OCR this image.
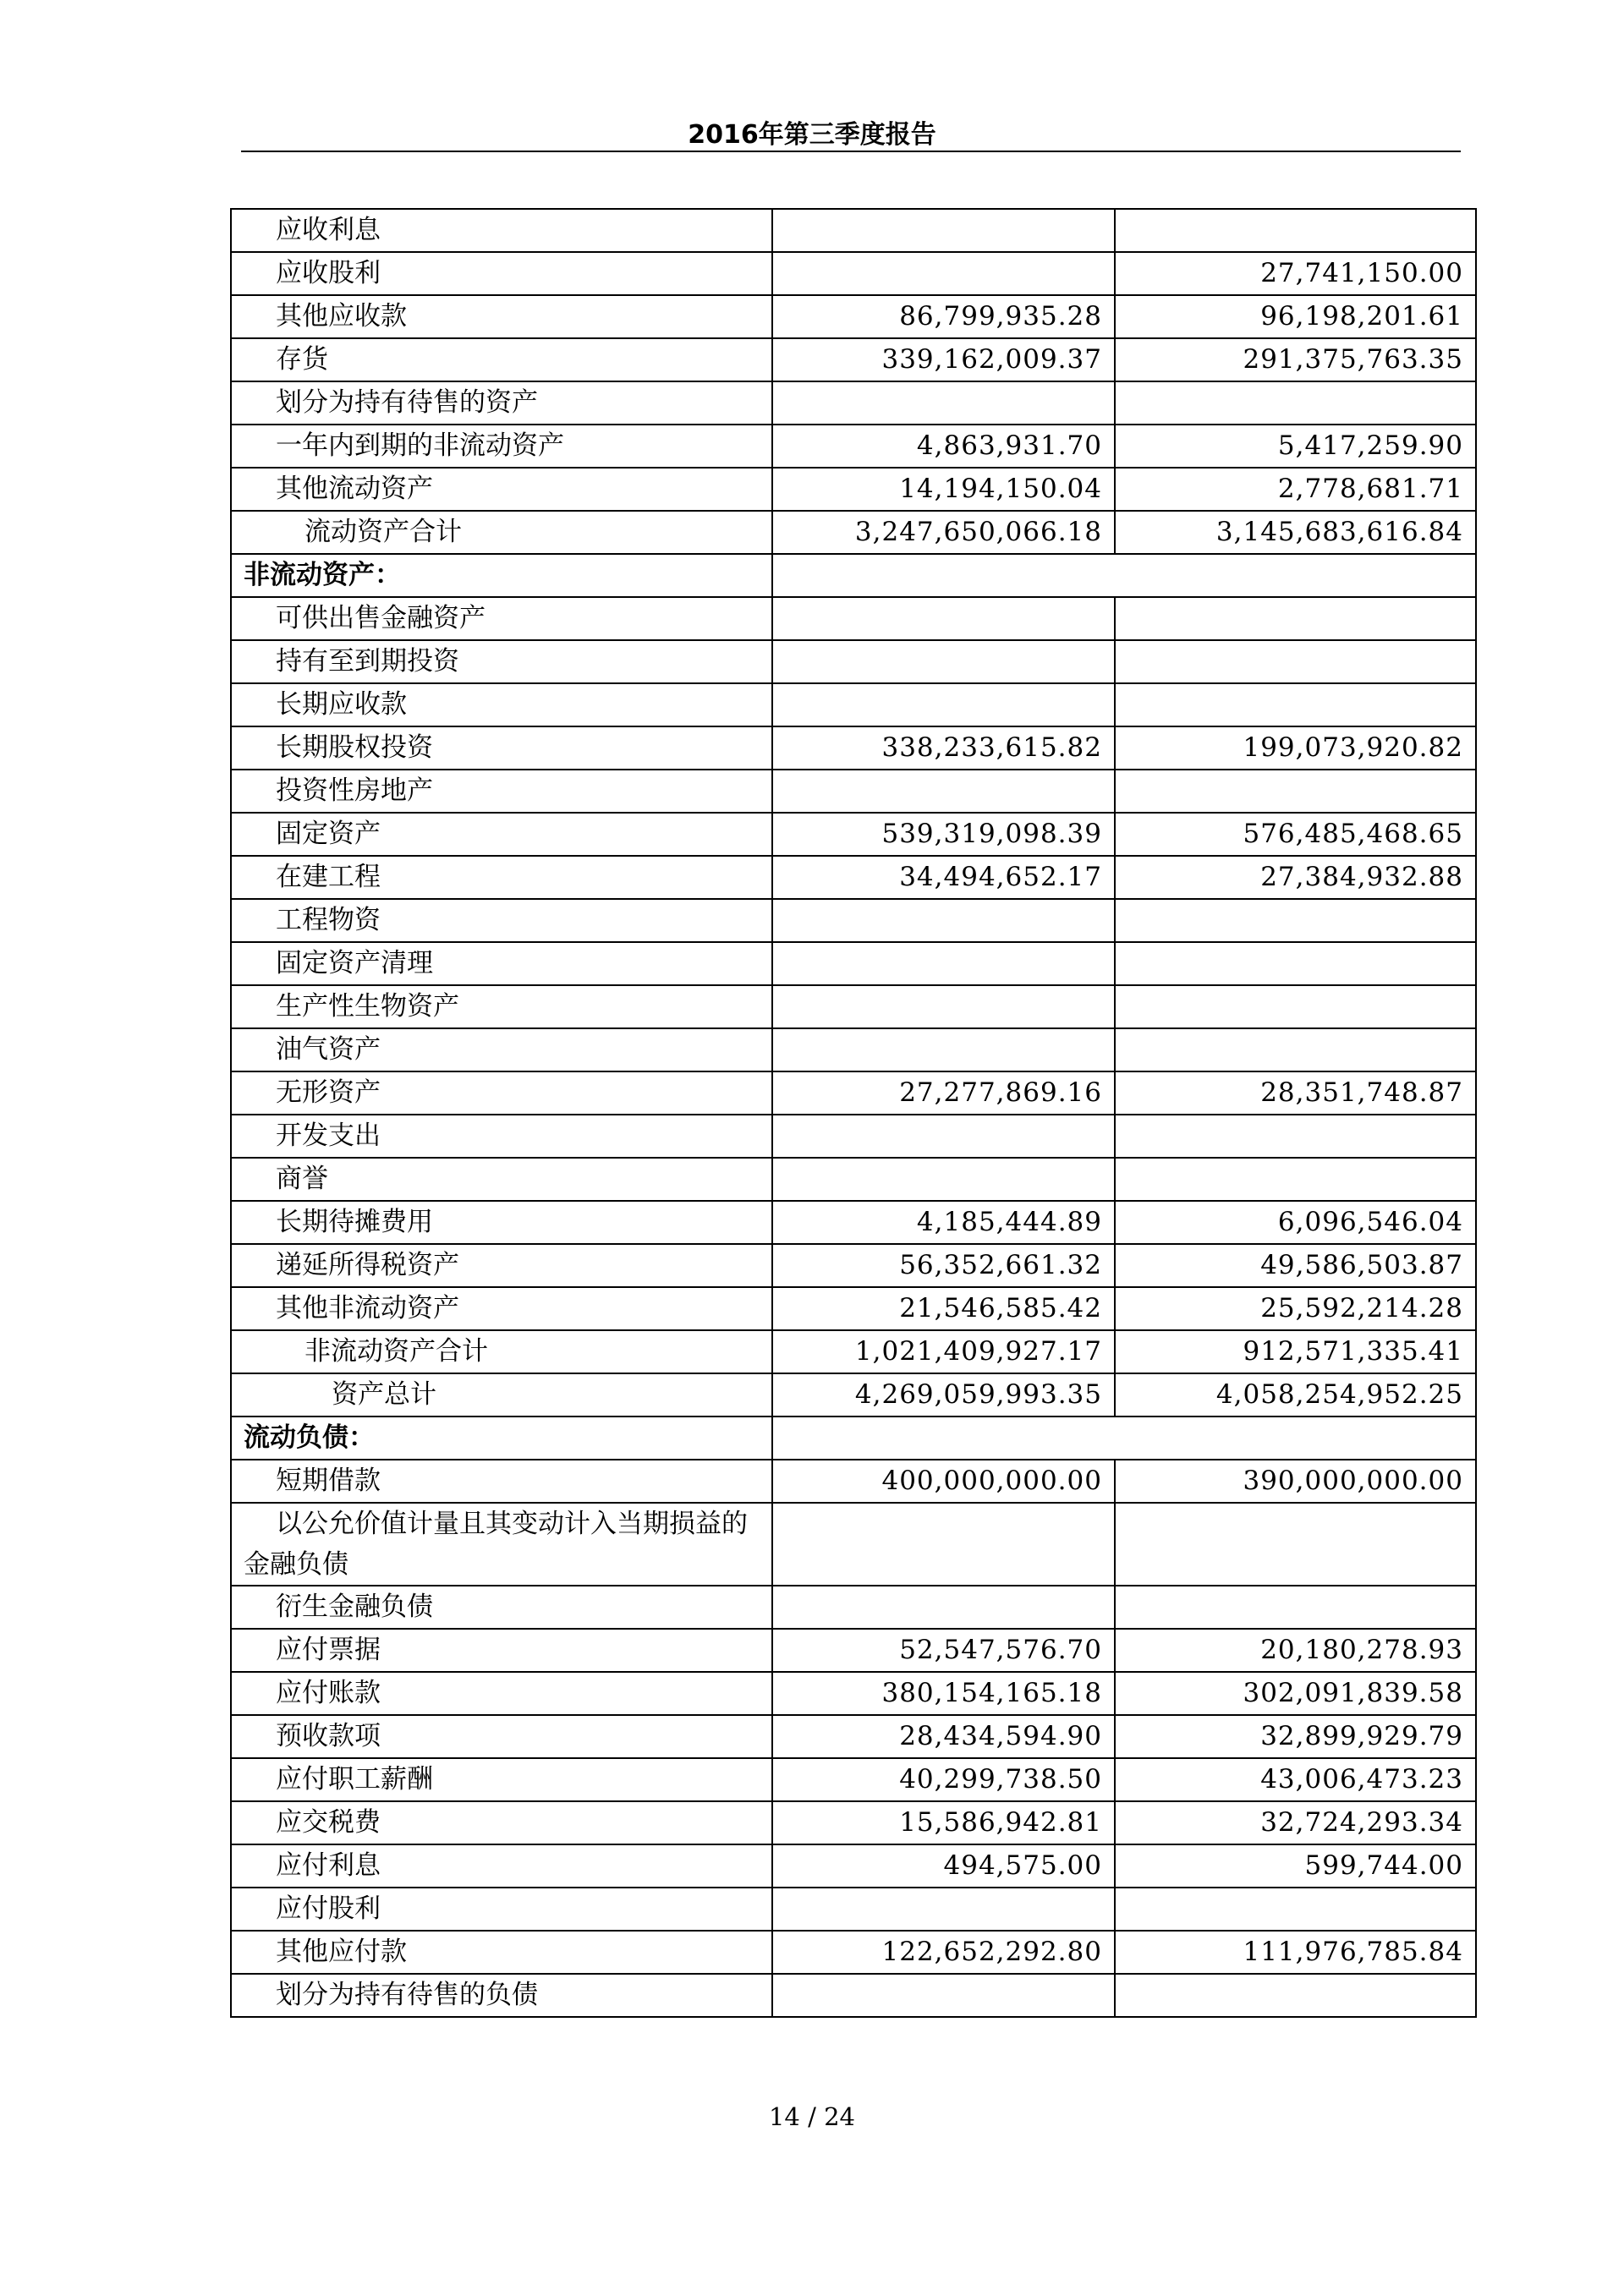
2016年第三季度报告
应收利息		
应收股利		27,741,150.00
其他应收款	86,799,935.28	96,198,201.61
存货	339,162,009.37	291,375,763.35
划分为持有待售的资产		
一年内到期的非流动资产	4,863,931.70	5,417,259.90
其他流动资产	14,194,150.04	2,778,681.71
流动资产合计	3,247,650,066.18	3,145,683,616.84
非流动资产：		
可供出售金融资产		
持有至到期投资		
长期应收款		
长期股权投资	338,233,615.82	199,073,920.82
投资性房地产		
固定资产	539,319,098.39	576,485,468.65
在建工程	34,494,652.17	27,384,932.88
工程物资		
固定资产清理		
生产性生物资产		
油气资产		
无形资产	27,277,869.16	28,351,748.87
开发支出		
商誉		
长期待摊费用	4,185,444.89	6,096,546.04
递延所得税资产	56,352,661.32	49,586,503.87
其他非流动资产	21,546,585.42	25,592,214.28
非流动资产合计	1,021,409,927.17	912,571,335.41
资产总计	4,269,059,993.35	4,058,254,952.25
流动负债：		
短期借款	400,000,000.00	390,000,000.00
以公允价值计量且其变动计入当期损益的金融负债		
衍生金融负债		
应付票据	52,547,576.70	20,180,278.93
应付账款	380,154,165.18	302,091,839.58
预收款项	28,434,594.90	32,899,929.79
应付职工薪酬	40,299,738.50	43,006,473.23
应交税费	15,586,942.81	32,724,293.34
应付利息	494,575.00	599,744.00
应付股利		
其他应付款	122,652,292.80	111,976,785.84
划分为持有待售的负债		
14 / 24
